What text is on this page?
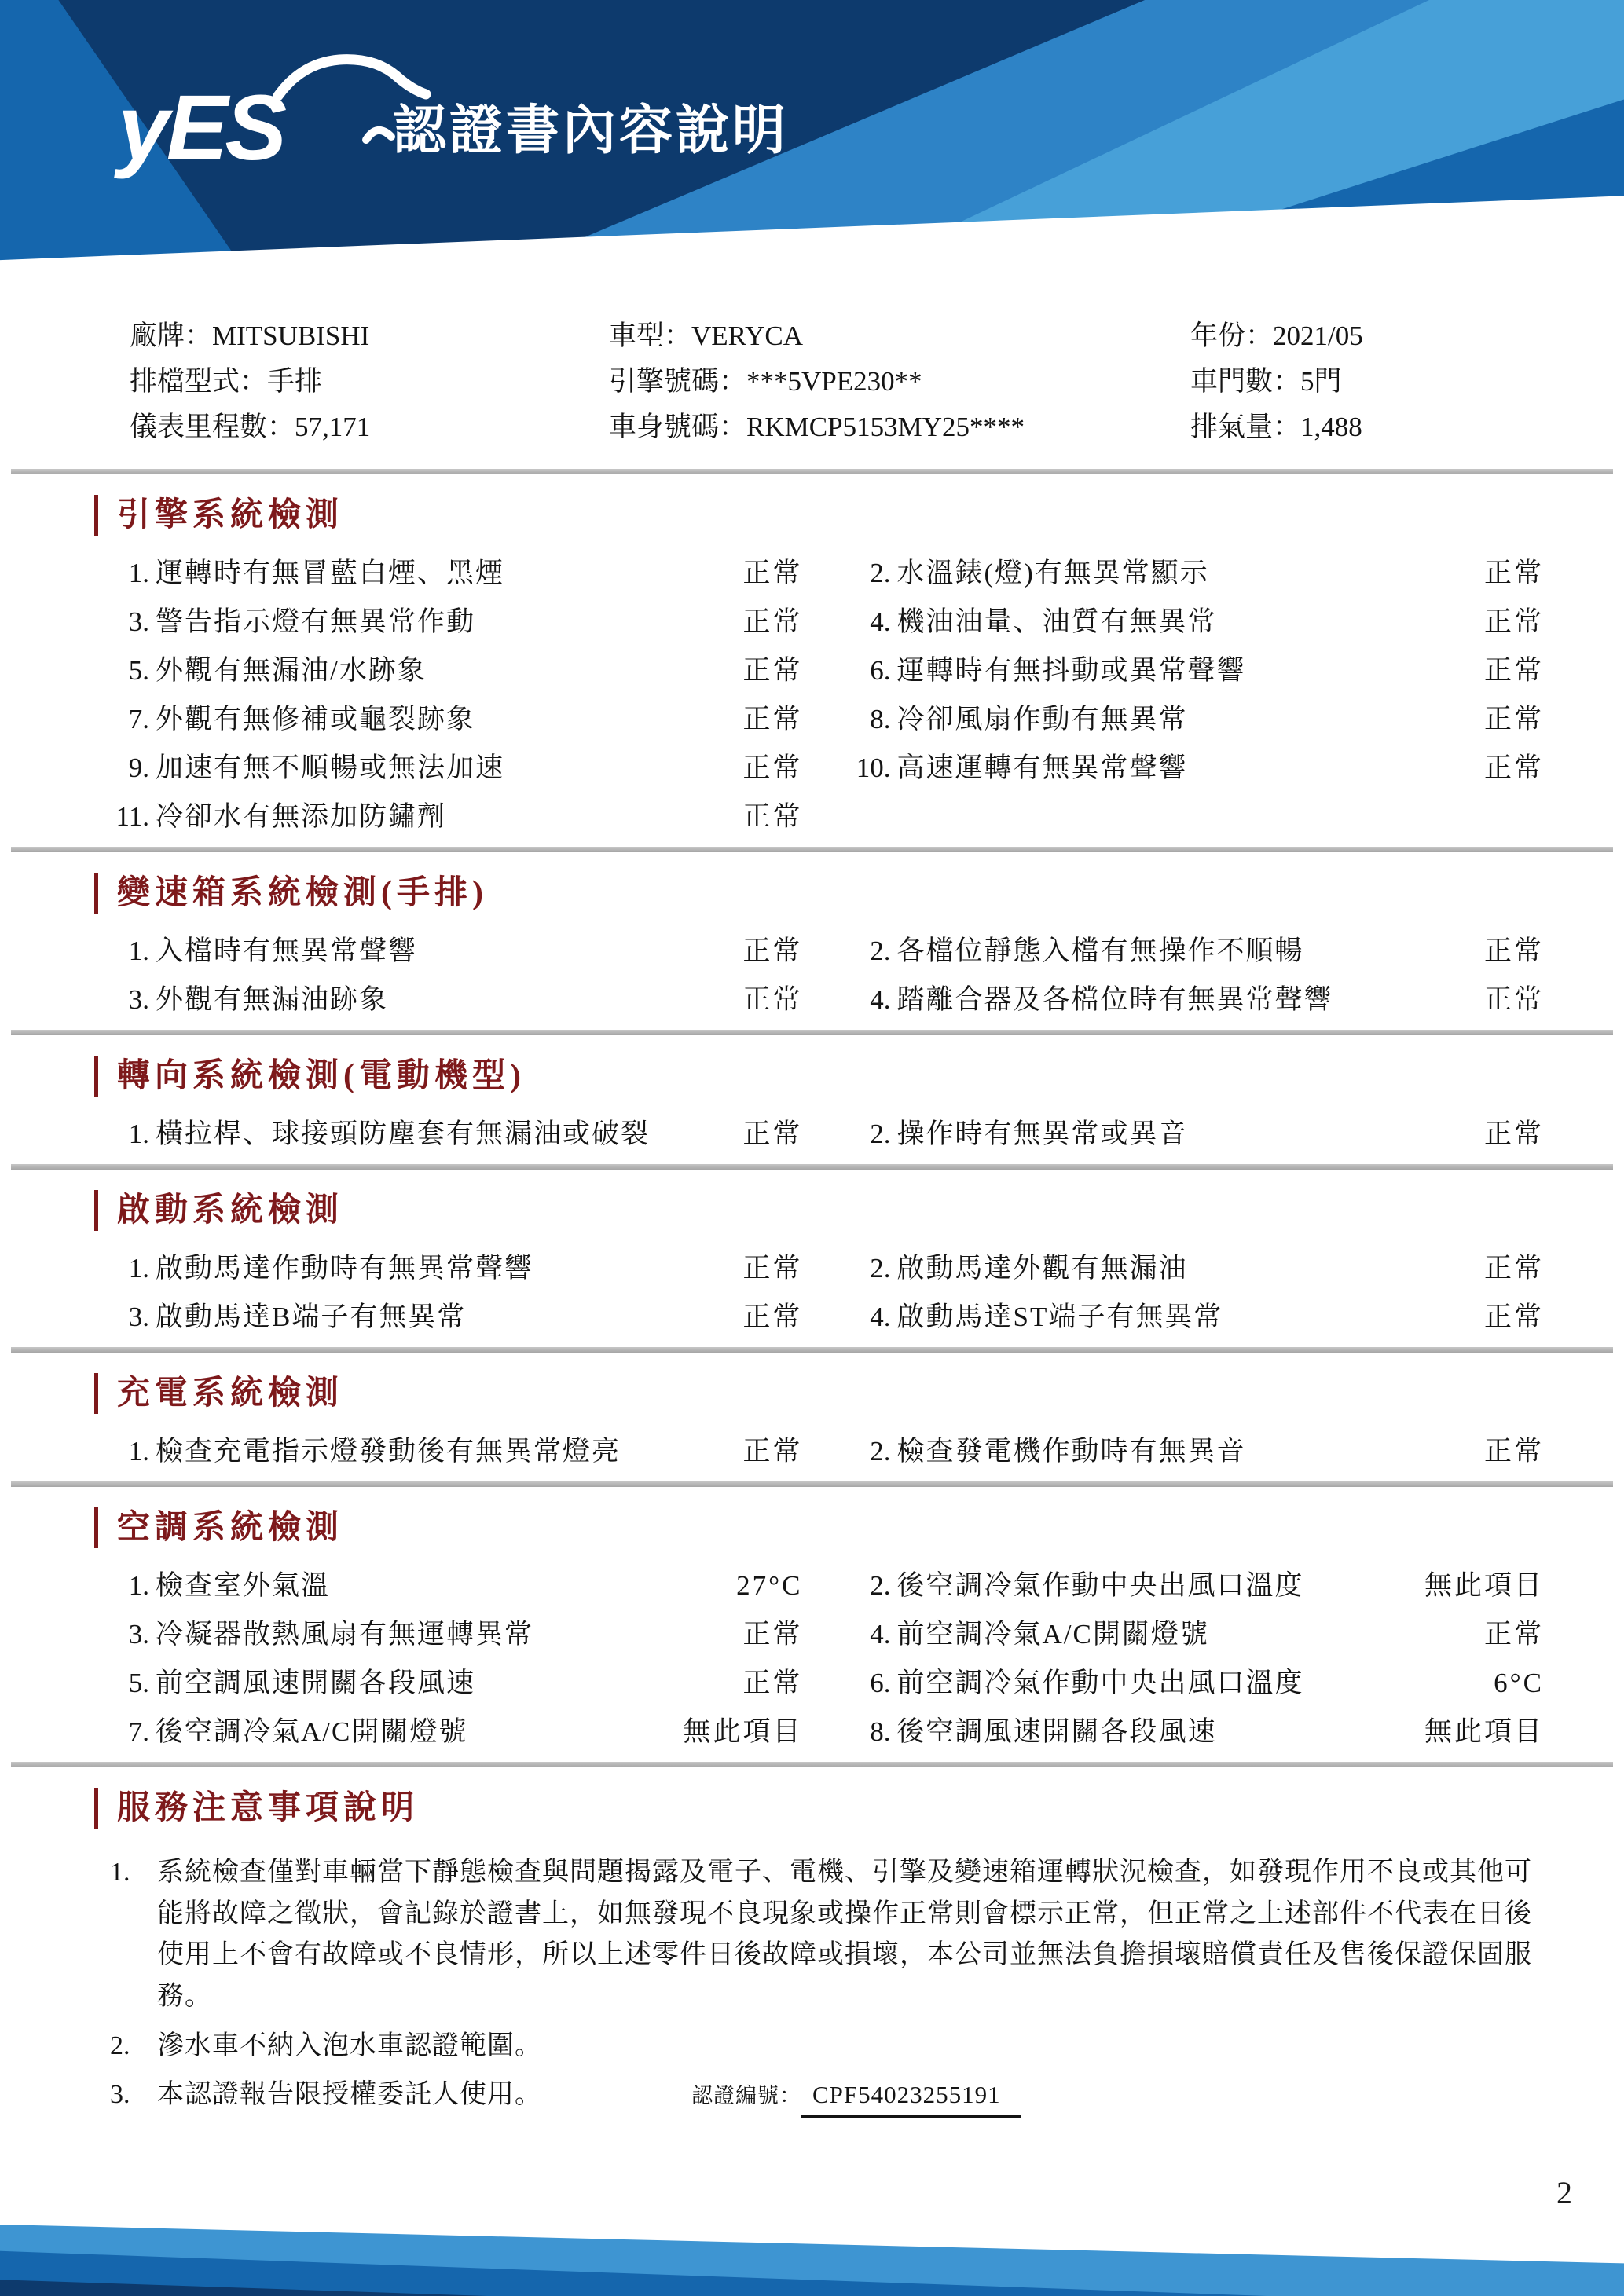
yES 認證書內容說明
廠牌：MITSUBISHI
排檔型式：手排
儀表里程數：57,171
車型：VERYCA
引擎號碼：***5VPE230**
車身號碼：RKMCP5153MY25****
年份：2021/05
車門數：5門
排氣量：1,488
引擎系統檢測
1. 運轉時有無冒藍白煙、黑煙	正常	2. 水溫錶(燈)有無異常顯示	正常
3. 警告指示燈有無異常作動	正常	4. 機油油量、油質有無異常	正常
5. 外觀有無漏油/水跡象	正常	6. 運轉時有無抖動或異常聲響	正常
7. 外觀有無修補或龜裂跡象	正常	8. 冷卻風扇作動有無異常	正常
9. 加速有無不順暢或無法加速	正常	10. 高速運轉有無異常聲響	正常
11. 冷卻水有無添加防鏽劑	正常
變速箱系統檢測(手排)
1. 入檔時有無異常聲響	正常	2. 各檔位靜態入檔有無操作不順暢	正常
3. 外觀有無漏油跡象	正常	4. 踏離合器及各檔位時有無異常聲響	正常
轉向系統檢測(電動機型)
1. 橫拉桿、球接頭防塵套有無漏油或破裂	正常	2. 操作時有無異常或異音	正常
啟動系統檢測
1. 啟動馬達作動時有無異常聲響	正常	2. 啟動馬達外觀有無漏油	正常
3. 啟動馬達B端子有無異常	正常	4. 啟動馬達ST端子有無異常	正常
充電系統檢測
1. 檢查充電指示燈發動後有無異常燈亮	正常	2. 檢查發電機作動時有無異音	正常
空調系統檢測
1. 檢查室外氣溫	27°C	2. 後空調冷氣作動中央出風口溫度	無此項目
3. 冷凝器散熱風扇有無運轉異常	正常	4. 前空調冷氣A/C開關燈號	正常
5. 前空調風速開關各段風速	正常	6. 前空調冷氣作動中央出風口溫度	6°C
7. 後空調冷氣A/C開關燈號	無此項目	8. 後空調風速開關各段風速	無此項目
服務注意事項說明
1.	系統檢查僅對車輛當下靜態檢查與問題揭露及電子、電機、引擎及變速箱運轉狀況檢查，如發現作用不良或其他可能將故障之徵狀，會記錄於證書上，如無發現不良現象或操作正常則會標示正常，但正常之上述部件不代表在日後使用上不會有故障或不良情形，所以上述零件日後故障或損壞，本公司並無法負擔損壞賠償責任及售後保證保固服務。
2.	滲水車不納入泡水車認證範圍。
3.	本認證報告限授權委託人使用。	認證編號： CPF54023255191
2
